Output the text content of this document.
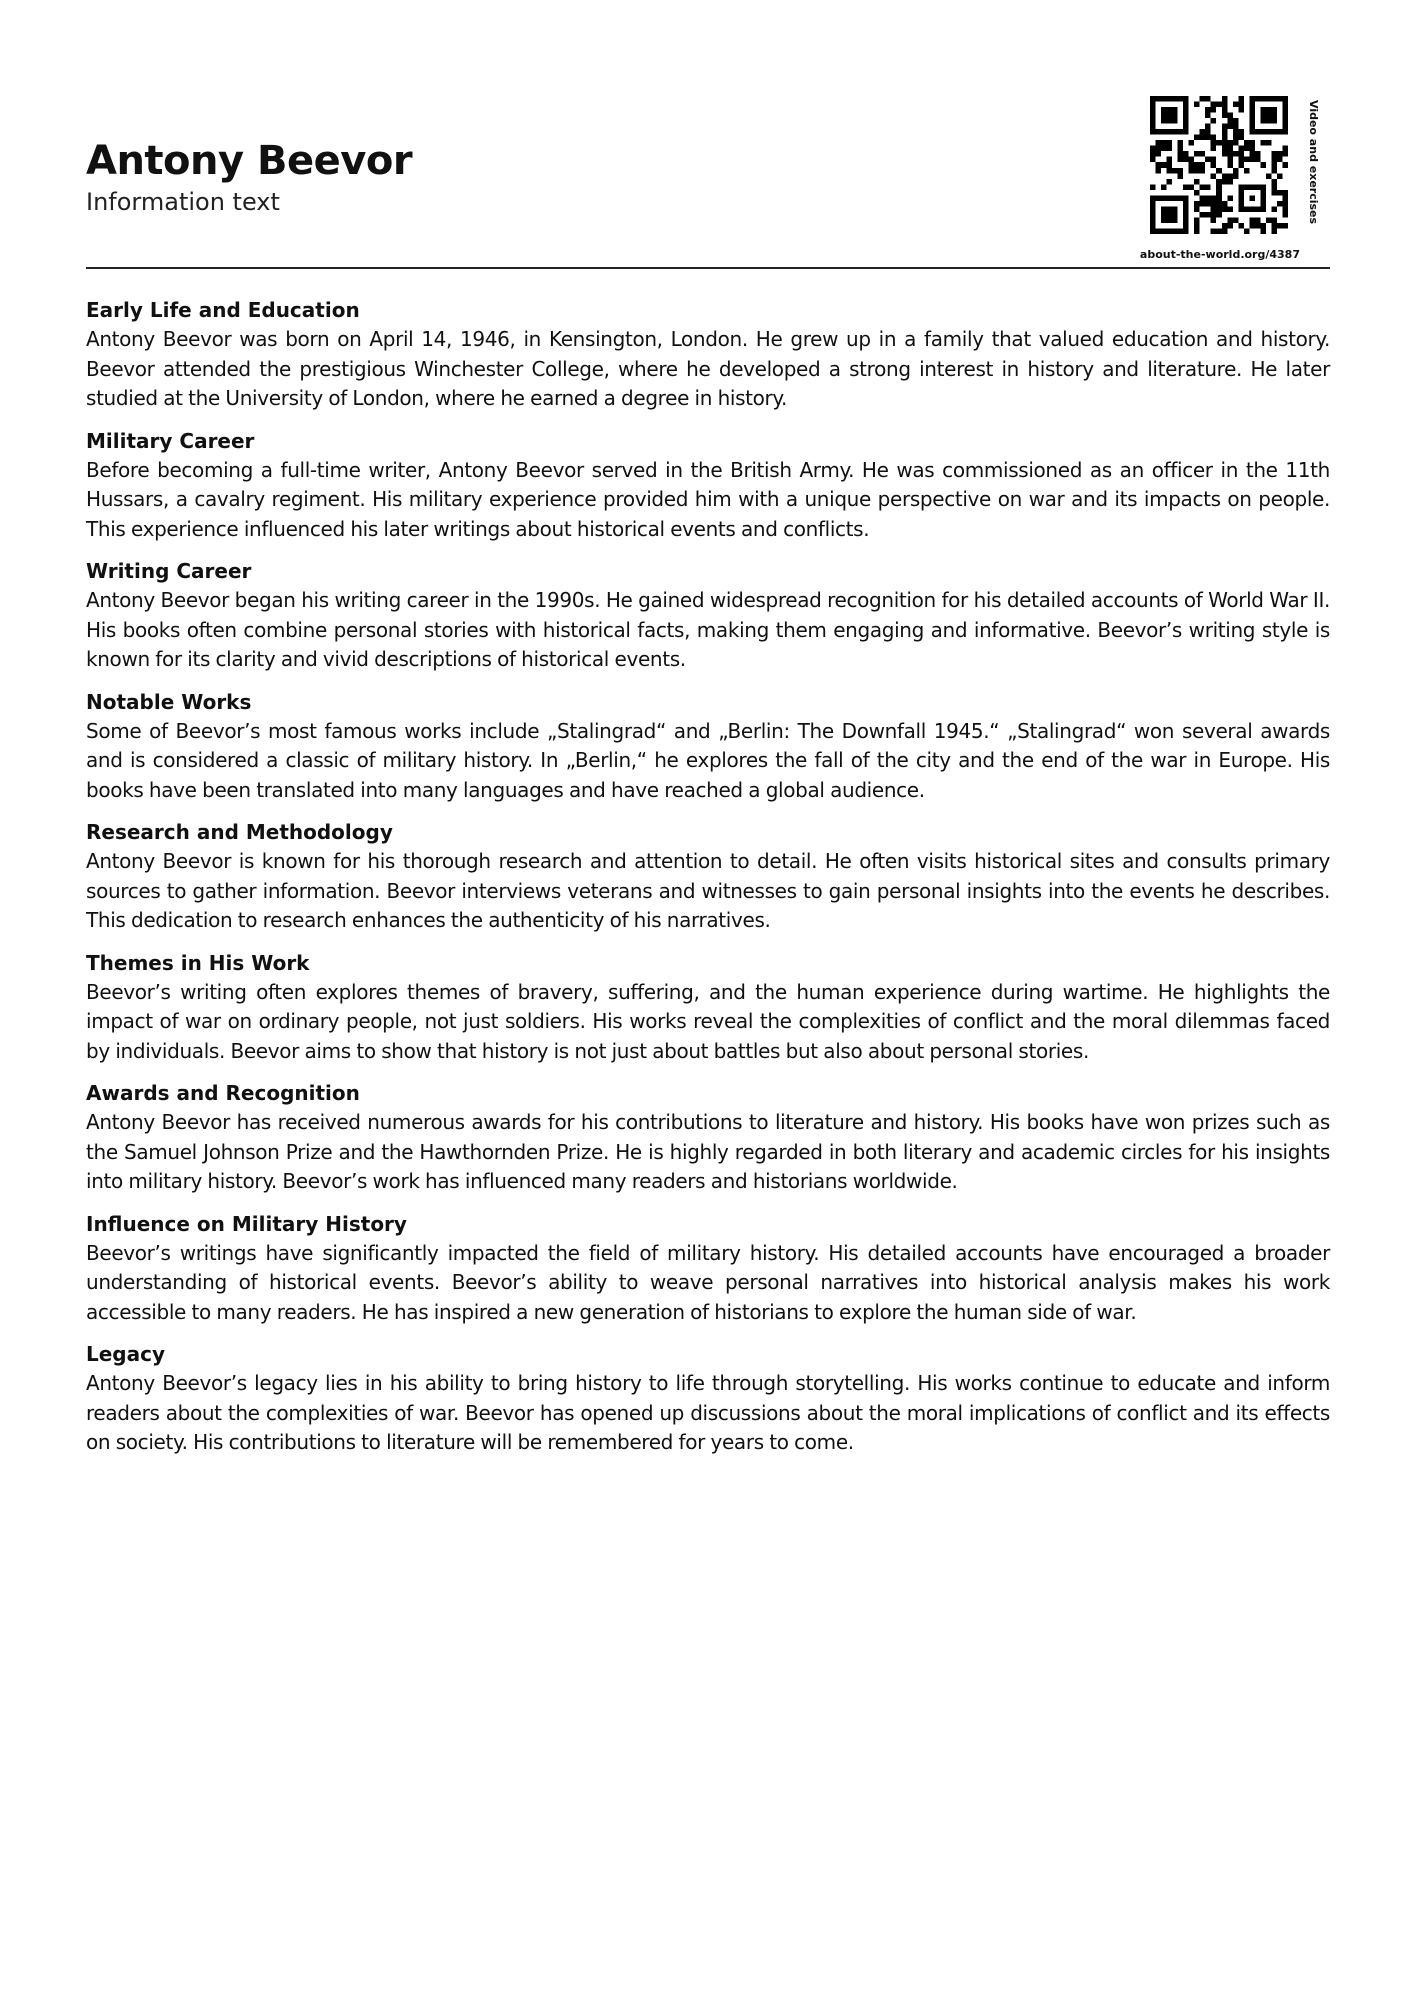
Antony Beevor
Information text	Video and exercises
about-the-world.org/4387
Early Life and Education

Antony Beevor was born on April 14, 1946, in Kensington, London. He grew up in a family that valued education and history. Beevor attended the prestigious Winchester College, where he developed a strong interest in history and literature. He later studied at the University of London, where he earned a degree in history.

Military Career

Before becoming a full-time writer, Antony Beevor served in the British Army. He was commissioned as an officer in the 11th Hussars, a cavalry regiment. His military experience provided him with a unique perspective on war and its impacts on people. This experience influenced his later writings about historical events and conflicts.

Writing Career

Antony Beevor began his writing career in the 1990s. He gained widespread recognition for his detailed accounts of World War II. His books often combine personal stories with historical facts, making them engaging and informative. Beevor’s writing style is known for its clarity and vivid descriptions of historical events.

Notable Works

Some of Beevor’s most famous works include „Stalingrad“ and „Berlin: The Downfall 1945.“ „Stalingrad“ won several awards and is considered a classic of military history. In „Berlin,“ he explores the fall of the city and the end of the war in Europe. His books have been translated into many languages and have reached a global audience.

Research and Methodology

Antony Beevor is known for his thorough research and attention to detail. He often visits historical sites and consults primary sources to gather information. Beevor interviews veterans and witnesses to gain personal insights into the events he describes. This dedication to research enhances the authenticity of his narratives.

Themes in His Work

Beevor’s writing often explores themes of bravery, suffering, and the human experience during wartime. He highlights the impact of war on ordinary people, not just soldiers. His works reveal the complexities of conflict and the moral dilemmas faced by individuals. Beevor aims to show that history is not just about battles but also about personal stories.

Awards and Recognition

Antony Beevor has received numerous awards for his contributions to literature and history. His books have won prizes such as the Samuel Johnson Prize and the Hawthornden Prize. He is highly regarded in both literary and academic circles for his insights into military history. Beevor’s work has influenced many readers and historians worldwide.

Influence on Military History

Beevor’s writings have significantly impacted the field of military history. His detailed accounts have encouraged a broader understanding of historical events. Beevor’s ability to weave personal narratives into historical analysis makes his work accessible to many readers. He has inspired a new generation of historians to explore the human side of war.

Legacy

Antony Beevor’s legacy lies in his ability to bring history to life through storytelling. His works continue to educate and inform readers about the complexities of war. Beevor has opened up discussions about the moral implications of conflict and its effects on society. His contributions to literature will be remembered for years to come.
